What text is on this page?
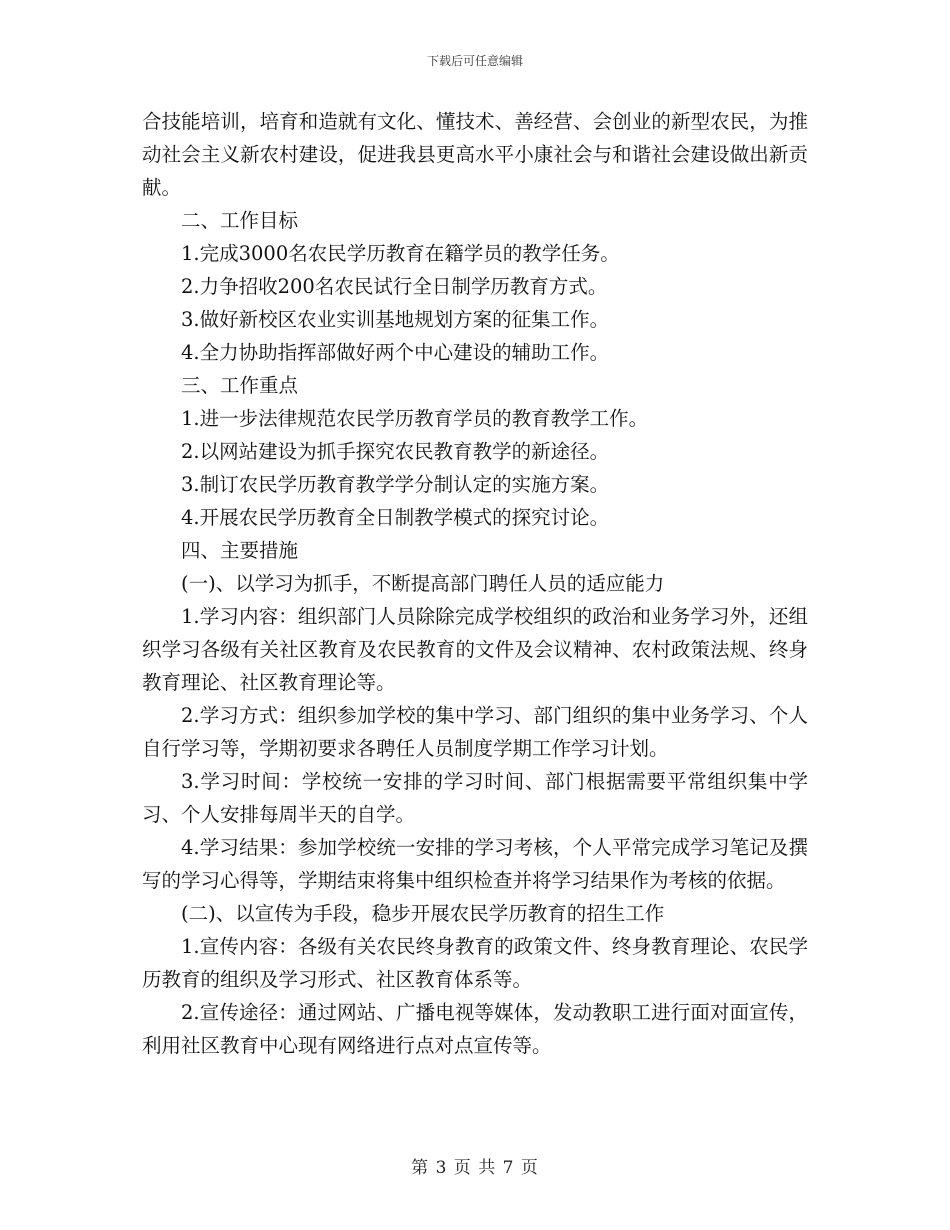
下载后可任意编辑

合技能培训，培育和造就有文化、懂技术、善经营、会创业的新型农民，为推动社会主义新农村建设，促进我县更高水平小康社会与和谐社会建设做出新贡献。

二、工作目标

1.完成3000名农民学历教育在籍学员的教学任务。

2.力争招收200名农民试行全日制学历教育方式。

3.做好新校区农业实训基地规划方案的征集工作。

4.全力协助指挥部做好两个中心建设的辅助工作。

三、工作重点

1.进一步法律规范农民学历教育学员的教育教学工作。

2.以网站建设为抓手探究农民教育教学的新途径。

3.制订农民学历教育教学学分制认定的实施方案。

4.开展农民学历教育全日制教学模式的探究讨论。

四、主要措施

(一)、以学习为抓手，不断提高部门聘任人员的适应能力

1.学习内容：组织部门人员除除完成学校组织的政治和业务学习外，还组织学习各级有关社区教育及农民教育的文件及会议精神、农村政策法规、终身教育理论、社区教育理论等。

2.学习方式：组织参加学校的集中学习、部门组织的集中业务学习、个人自行学习等，学期初要求各聘任人员制度学期工作学习计划。

3.学习时间：学校统一安排的学习时间、部门根据需要平常组织集中学习、个人安排每周半天的自学。

4.学习结果：参加学校统一安排的学习考核，个人平常完成学习笔记及撰写的学习心得等，学期结束将集中组织检查并将学习结果作为考核的依据。

(二)、以宣传为手段，稳步开展农民学历教育的招生工作

1.宣传内容：各级有关农民终身教育的政策文件、终身教育理论、农民学历教育的组织及学习形式、社区教育体系等。

2.宣传途径：通过网站、广播电视等媒体，发动教职工进行面对面宣传，利用社区教育中心现有网络进行点对点宣传等。

第 3 页 共 7 页
